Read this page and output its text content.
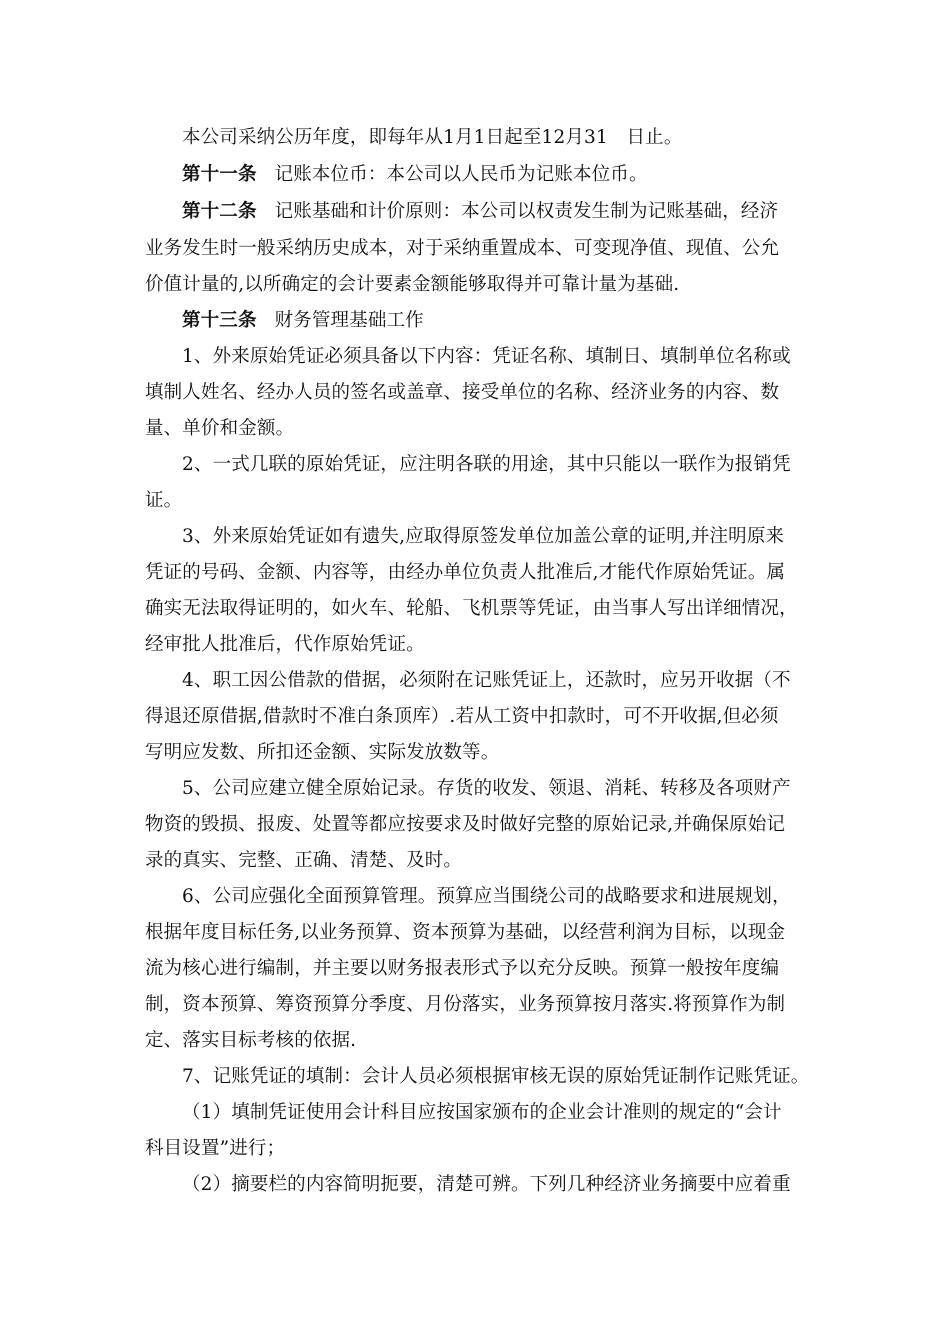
本公司采纳公历年度，即每年从1月1日起至12月31　日止。
第十一条 记账本位币：本公司以人民币为记账本位币。
第十二条 记账基础和计价原则：本公司以权责发生制为记账基础，经济
业务发生时一般采纳历史成本，对于采纳重置成本、可变现净值、现值、公允
价值计量的,以所确定的会计要素金额能够取得并可靠计量为基础.
第十三条 财务管理基础工作
1、外来原始凭证必须具备以下内容：凭证名称、填制日、填制单位名称或
填制人姓名、经办人员的签名或盖章、接受单位的名称、经济业务的内容、数
量、单价和金额。
2、一式几联的原始凭证，应注明各联的用途，其中只能以一联作为报销凭
证。
3、外来原始凭证如有遗失,应取得原签发单位加盖公章的证明,并注明原来
凭证的号码、金额、内容等，由经办单位负责人批准后,才能代作原始凭证。属
确实无法取得证明的，如火车、轮船、飞机票等凭证，由当事人写出详细情况，
经审批人批准后，代作原始凭证。
4、职工因公借款的借据，必须附在记账凭证上，还款时，应另开收据（不
得退还原借据,借款时不准白条顶库）.若从工资中扣款时，可不开收据,但必须
写明应发数、所扣还金额、实际发放数等。
5、公司应建立健全原始记录。存货的收发、领退、消耗、转移及各项财产
物资的毁损、报废、处置等都应按要求及时做好完整的原始记录,并确保原始记
录的真实、完整、正确、清楚、及时。
6、公司应强化全面预算管理。预算应当围绕公司的战略要求和进展规划，
根据年度目标任务,以业务预算、资本预算为基础，以经营利润为目标，以现金
流为核心进行编制，并主要以财务报表形式予以充分反映。预算一般按年度编
制，资本预算、筹资预算分季度、月份落实，业务预算按月落实.将预算作为制
定、落实目标考核的依据.
7、记账凭证的填制：会计人员必须根据审核无误的原始凭证制作记账凭证。
（1）填制凭证使用会计科目应按国家颁布的企业会计准则的规定的“会计
科目设置”进行；
（2）摘要栏的内容简明扼要，清楚可辨。下列几种经济业务摘要中应着重
